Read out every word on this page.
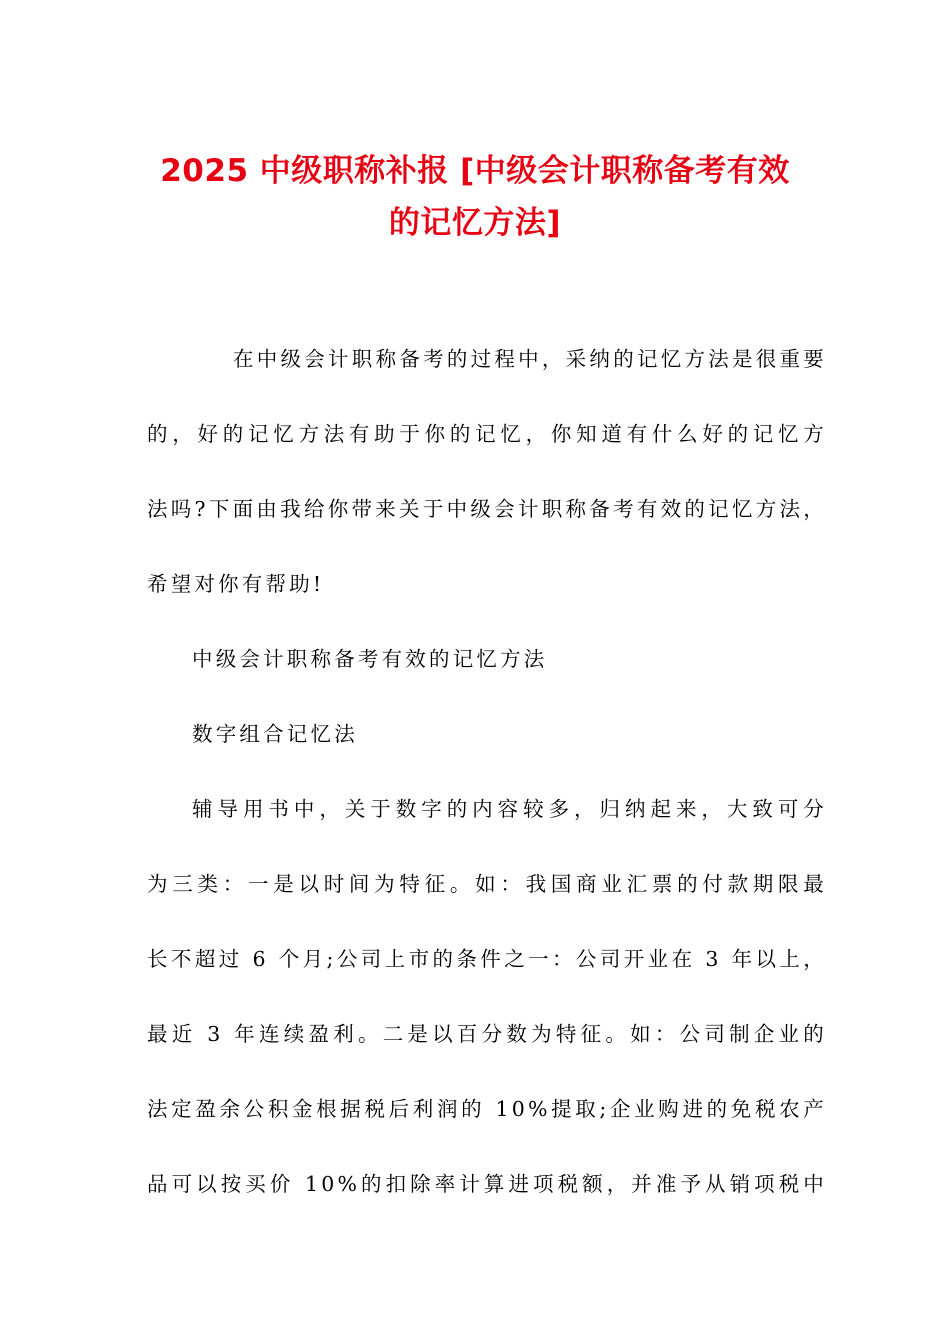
2025 中级职称补报 [中级会计职称备考有效
的记忆方法]

在中级会计职称备考的过程中，采纳的记忆方法是很重要

的，好的记忆方法有助于你的记忆，你知道有什么好的记忆方

法吗?下面由我给你带来关于中级会计职称备考有效的记忆方法，

希望对你有帮助!

中级会计职称备考有效的记忆方法

数字组合记忆法

辅导用书中，关于数字的内容较多，归纳起来，大致可分

为三类：一是以时间为特征。如：我国商业汇票的付款期限最

长不超过 6 个月;公司上市的条件之一：公司开业在 3 年以上，

最近 3 年连续盈利。二是以百分数为特征。如：公司制企业的

法定盈余公积金根据税后利润的 10%提取;企业购进的免税农产

品可以按买价 10%的扣除率计算进项税额，并准予从销项税中
